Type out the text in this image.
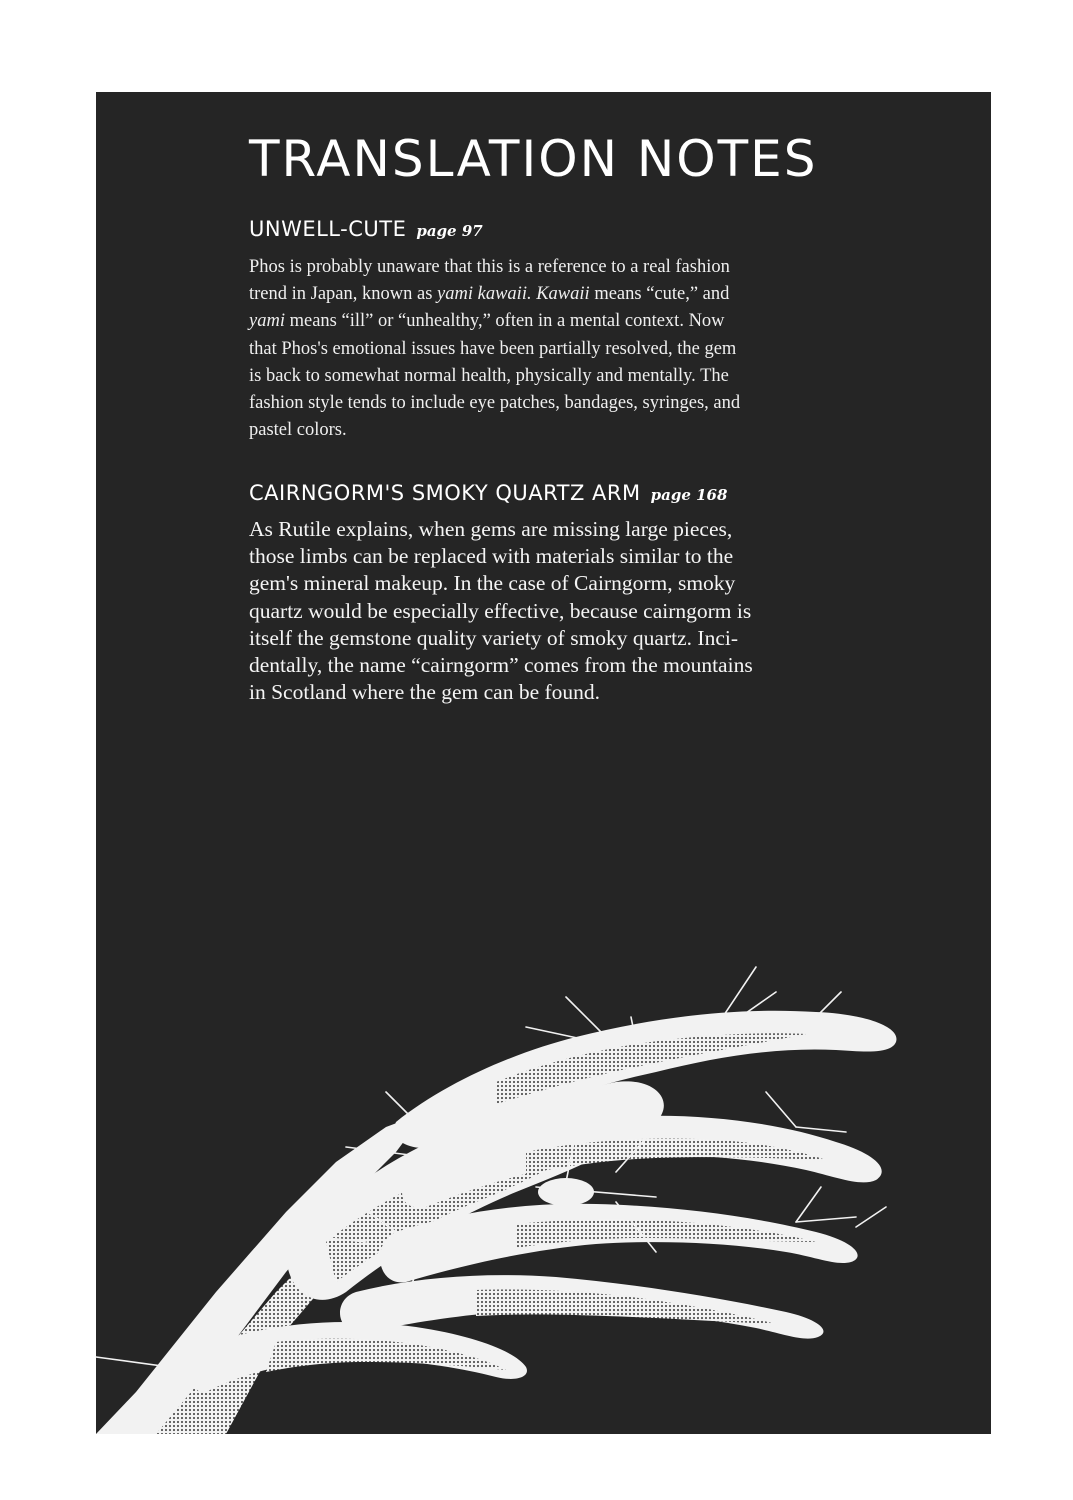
TRANSLATION NOTES
UNWELL-CUTE page 97

Phos is probably unaware that this is a reference to a real fashion
trend in Japan, known as yami kawaii. Kawaii means “cute,” and
yami means “ill” or “unhealthy,” often in a mental context. Now
that Phos's emotional issues have been partially resolved, the gem
is back to somewhat normal health, physically and mentally. The
fashion style tends to include eye patches, bandages, syringes, and
pastel colors.

CAIRNGORM'S SMOKY QUARTZ ARM page 168

As Rutile explains, when gems are missing large pieces,
those limbs can be replaced with materials similar to the
gem's mineral makeup. In the case of Cairngorm, smoky
quartz would be especially effective, because cairngorm is
itself the gemstone quality variety of smoky quartz. Inci-
dentally, the name “cairngorm” comes from the mountains
in Scotland where the gem can be found.
